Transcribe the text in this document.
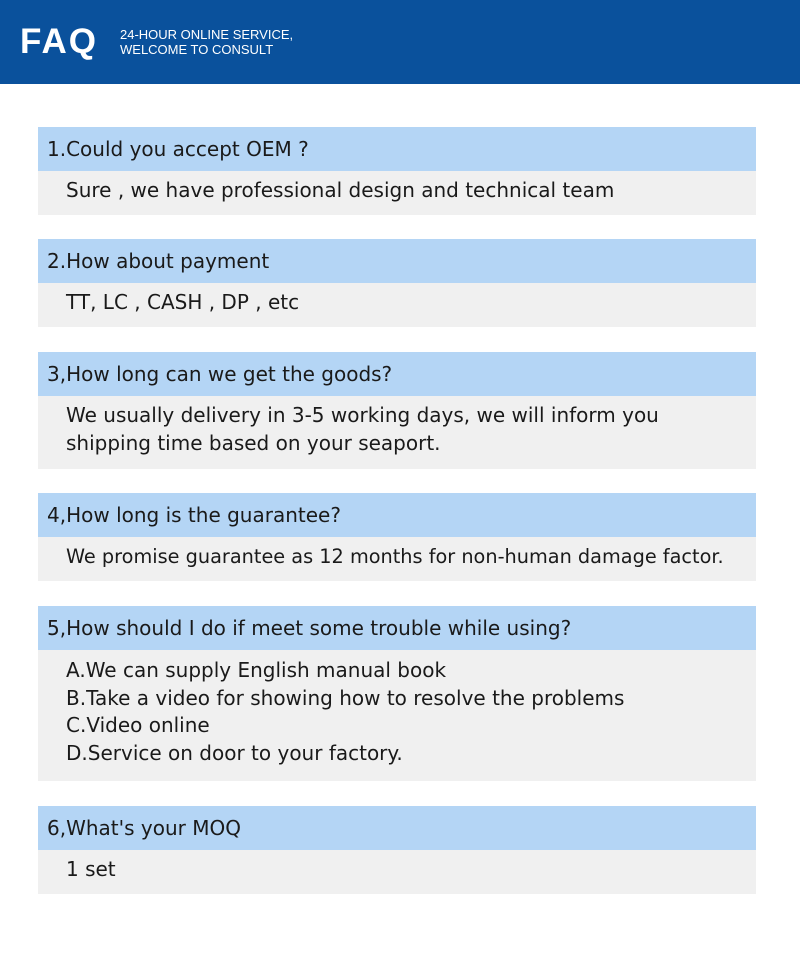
FAQ 24-HOUR ONLINE SERVICE,
WELCOME TO CONSULT
1.Could you accept OEM ?
Sure , we have professional design and technical team
2.How about payment
TT, LC , CASH , DP , etc
3,How long can we get the goods?
We usually delivery in 3-5 working days, we will inform you
shipping time based on your seaport.
4,How long is the guarantee?
We promise guarantee as 12 months for non-human damage factor.
5,How should I do if meet some trouble while using?
A.We can supply English manual book
B.Take a video for showing how to resolve the problems
C.Video online
D.Service on door to your factory.
6,What's your MOQ
1 set
